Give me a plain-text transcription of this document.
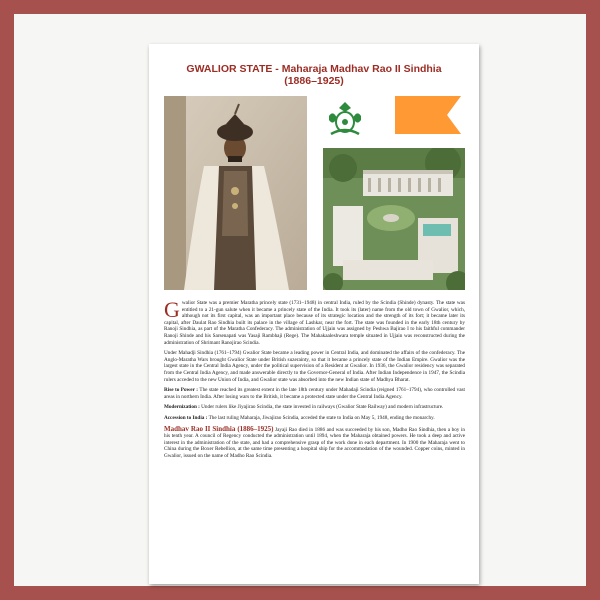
GWALIOR STATE - Maharaja Madhav Rao II Sindhia
(1886–1925)

Gwalior State was a premier Maratha princely state (1731–1948) in central India, ruled by the Scindia (Shinde) dynasty. The state was entitled to a 21-gun salute when it became a princely state of the India. It took its (later) name from the old town of Gwalior, which, although not its first capital, was an important place because of its strategic location and the strength of its fort; it became later its capital, after Daulat Rao Sindhia built its palace in the village of Lashkar, near the fort. The state was founded in the early 18th century by Ranoji Sindhia, as part of the Maratha Confederacy. The administration of Ujjain was assigned by Peshwa Bajirao I to his faithful commander Ranoji Shinde and his Sarsenapati was Yasaji Rambhaji (Rege). The Mahakaaleshwara temple situated in Ujjain was reconstructed during the administration of Shrimant Ranojirao Scindia.

Under Mahadji Sindhia (1761–1794) Gwalior State became a leading power in Central India, and dominated the affairs of the confederacy. The Anglo-Maratha Wars brought Gwalior State under British suzerainty, so that it became a princely state of the Indian Empire. Gwalior was the largest state in the Central India Agency, under the political supervision of a Resident at Gwalior. In 1936, the Gwalior residency was separated from the Central India Agency, and made answerable directly to the Governor-General of India. After Indian Independence in 1947, the Scindia rulers acceded to the new Union of India, and Gwalior state was absorbed into the new Indian state of Madhya Bharat.

Rise to Power : The state reached its greatest extent in the late 18th century under Mahadaji Scindia (reigned 1761–1794), who controlled vast areas in northern India. After losing wars to the British, it became a protected state under the Central India Agency.

Modernization : Under rulers like Jiyajirao Scindia, the state invested in railways (Gwalior State Railway) and modern infrastructure.

Accession to India : The last ruling Maharaja, Jiwajirao Scindia, acceded the state to India on May 5, 1948, ending the monarchy.

Madhav Rao II Sindhia (1886–1925) Jayaji Rao died in 1886 and was succeeded by his son, Madho Rao Sindhia, then a boy in his tenth year. A council of Regency conducted the administration until 1894, when the Maharaja obtained powers. He took a deep and active interest in the administration of the state, and had a comprehensive grasp of the work done in each department. In 1900 the Maharaja went to China during the Boxer Rebellion, at the same time presenting a hospital ship for the accommodation of the wounded. Copper coins, minted in Gwalior, issued on the name of Madho Rao Scindia.
